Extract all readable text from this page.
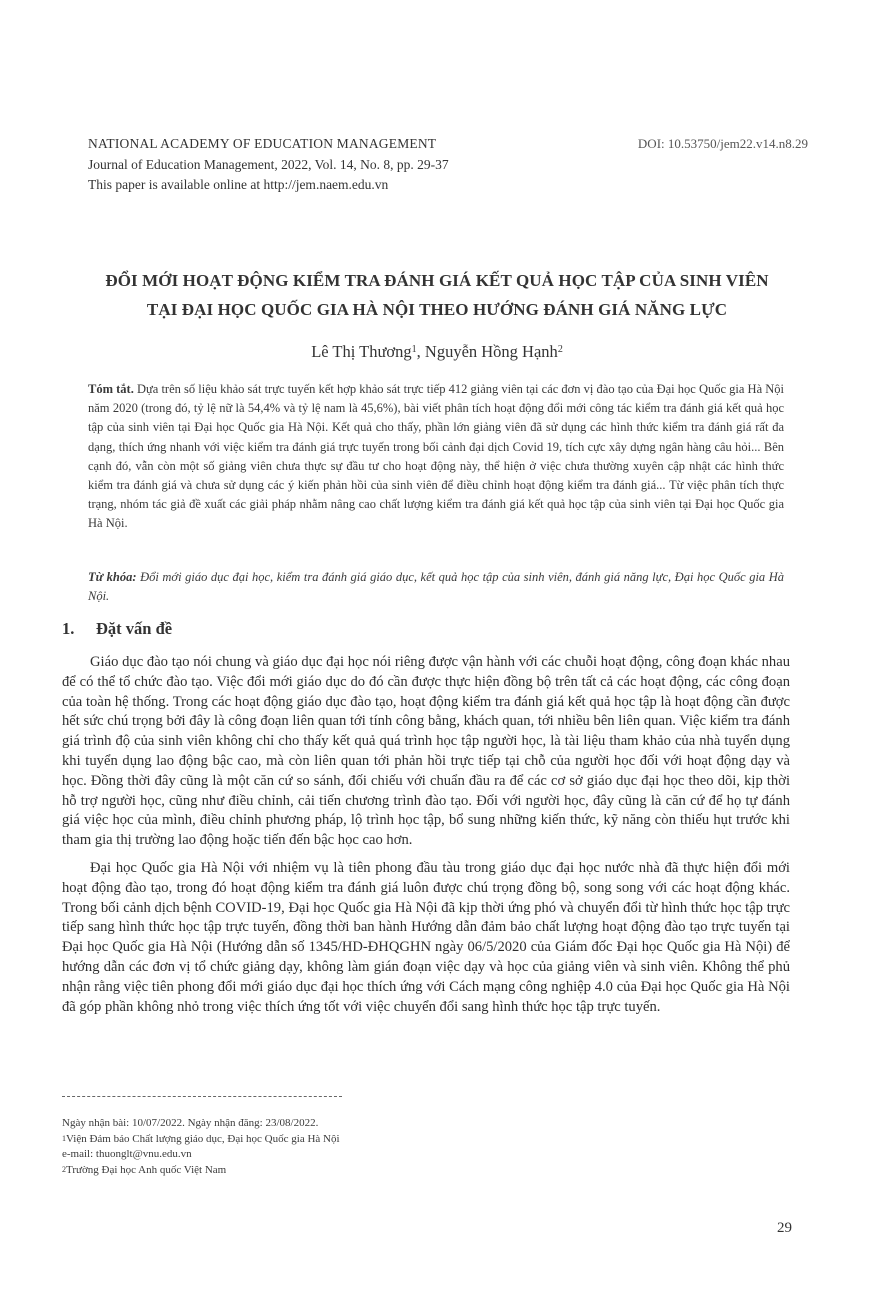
NATIONAL ACADEMY OF EDUCATION MANAGEMENT
Journal of Education Management, 2022, Vol. 14, No. 8, pp. 29-37
This paper is available online at http://jem.naem.edu.vn
DOI: 10.53750/jem22.v14.n8.29
ĐỔI MỚI HOẠT ĐỘNG KIỂM TRA ĐÁNH GIÁ KẾT QUẢ HỌC TẬP CỦA SINH VIÊN
TẠI ĐẠI HỌC QUỐC GIA HÀ NỘI THEO HƯỚNG ĐÁNH GIÁ NĂNG LỰC
Lê Thị Thương$^1$, Nguyễn Hồng Hạnh$^2$
Tóm tắt. Dựa trên số liệu khảo sát trực tuyến kết hợp khảo sát trực tiếp 412 giảng viên tại các đơn vị đào tạo của Đại học Quốc gia Hà Nội năm 2020 (trong đó, tỷ lệ nữ là 54,4% và tỷ lệ nam là 45,6%), bài viết phân tích hoạt động đổi mới công tác kiểm tra đánh giá kết quả học tập của sinh viên tại Đại học Quốc gia Hà Nội. Kết quả cho thấy, phần lớn giảng viên đã sử dụng các hình thức kiểm tra đánh giá rất đa dạng, thích ứng nhanh với việc kiểm tra đánh giá trực tuyến trong bối cảnh đại dịch Covid 19, tích cực xây dựng ngân hàng câu hỏi... Bên cạnh đó, vẫn còn một số giảng viên chưa thực sự đầu tư cho hoạt động này, thể hiện ở việc chưa thường xuyên cập nhật các hình thức kiểm tra đánh giá và chưa sử dụng các ý kiến phản hồi của sinh viên để điều chỉnh hoạt động kiểm tra đánh giá... Từ việc phân tích thực trạng, nhóm tác giả đề xuất các giải pháp nhằm nâng cao chất lượng kiểm tra đánh giá kết quả học tập của sinh viên tại Đại học Quốc gia Hà Nội.
Từ khóa: Đổi mới giáo dục đại học, kiểm tra đánh giá giáo dục, kết quả học tập của sinh viên, đánh giá năng lực, Đại học Quốc gia Hà Nội.
1. Đặt vấn đề

Giáo dục đào tạo nói chung và giáo dục đại học nói riêng được vận hành với các chuỗi hoạt động, công đoạn khác nhau để có thể tổ chức đào tạo. Việc đổi mới giáo dục do đó cần được thực hiện đồng bộ trên tất cả các hoạt động, các công đoạn của toàn hệ thống. Trong các hoạt động giáo dục đào tạo, hoạt động kiểm tra đánh giá kết quả học tập là hoạt động cần được hết sức chú trọng bởi đây là công đoạn liên quan tới tính công bằng, khách quan, tới nhiều bên liên quan. Việc kiểm tra đánh giá trình độ của sinh viên không chỉ cho thấy kết quả quá trình học tập người học, là tài liệu tham khảo của nhà tuyển dụng khi tuyển dụng lao động bậc cao, mà còn liên quan tới phản hồi trực tiếp tại chỗ của người học đối với hoạt động dạy và học. Đồng thời đây cũng là một căn cứ so sánh, đối chiếu với chuẩn đầu ra để các cơ sở giáo dục đại học theo dõi, kịp thời hỗ trợ người học, cũng như điều chỉnh, cải tiến chương trình đào tạo. Đối với người học, đây cũng là căn cứ để họ tự đánh giá việc học của mình, điều chỉnh phương pháp, lộ trình học tập, bổ sung những kiến thức, kỹ năng còn thiếu hụt trước khi tham gia thị trường lao động hoặc tiến đến bậc học cao hơn.

Đại học Quốc gia Hà Nội với nhiệm vụ là tiên phong đầu tàu trong giáo dục đại học nước nhà đã thực hiện đổi mới hoạt động đào tạo, trong đó hoạt động kiểm tra đánh giá luôn được chú trọng đồng bộ, song song với các hoạt động khác. Trong bối cảnh dịch bệnh COVID-19, Đại học Quốc gia Hà Nội đã kịp thời ứng phó và chuyển đổi từ hình thức học tập trực tiếp sang hình thức học tập trực tuyến, đồng thời ban hành Hướng dẫn đảm bảo chất lượng hoạt động đào tạo trực tuyến tại Đại học Quốc gia Hà Nội (Hướng dẫn số 1345/HD-ĐHQGHN ngày 06/5/2020 của Giám đốc Đại học Quốc gia Hà Nội) để hướng dẫn các đơn vị tổ chức giảng dạy, không làm gián đoạn việc dạy và học của giảng viên và sinh viên. Không thể phủ nhận rằng việc tiên phong đổi mới giáo dục đại học thích ứng với Cách mạng công nghiệp 4.0 của Đại học Quốc gia Hà Nội đã góp phần không nhỏ trong việc thích ứng tốt với việc chuyển đổi sang hình thức học tập trực tuyến.

Ngày nhận bài: 10/07/2022. Ngày nhận đăng: 23/08/2022.
$^1$Viện Đảm bảo Chất lượng giáo dục, Đại học Quốc gia Hà Nội
e-mail: thuonglt@vnu.edu.vn
$^2$Trường Đại học Anh quốc Việt Nam
29
